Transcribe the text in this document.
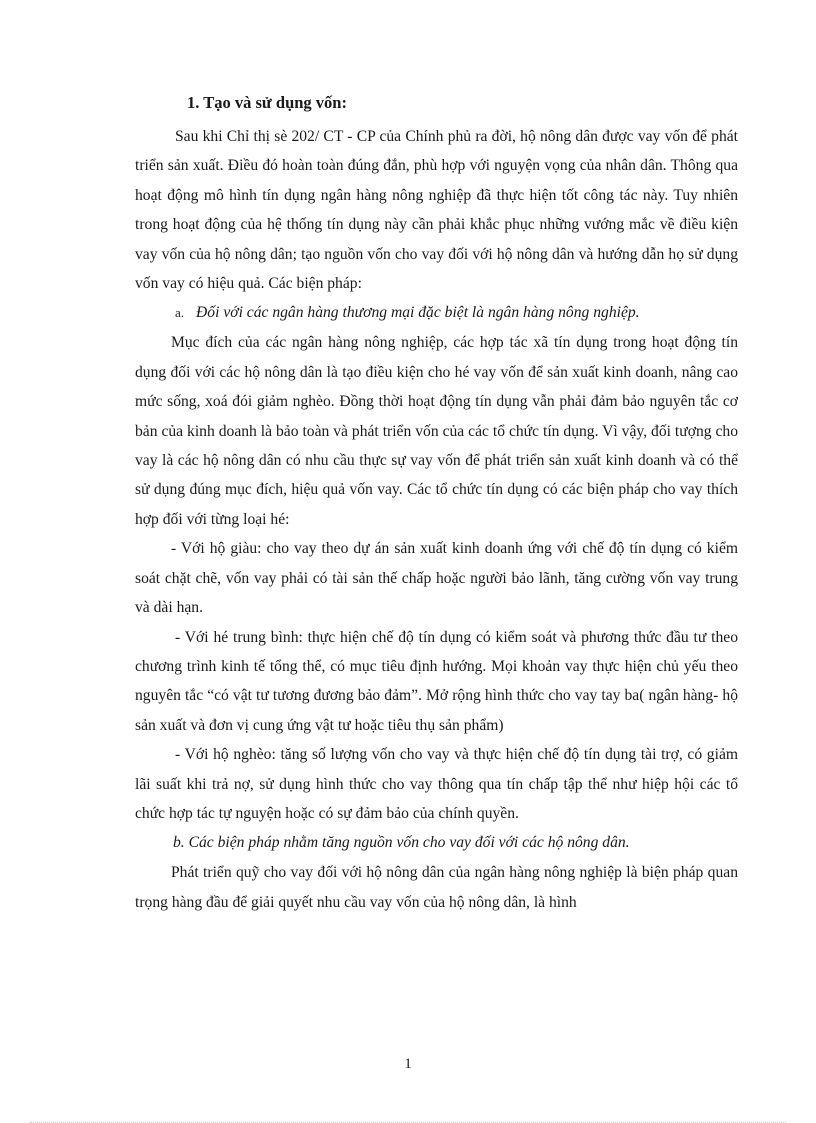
1. Tạo và sử dụng vốn:

Sau khi Chỉ thị sè 202/ CT - CP của Chính phủ ra đời, hộ nông dân được vay vốn để phát triển sản xuất. Điều đó hoàn toàn đúng đắn, phù hợp với nguyện vọng của nhân dân. Thông qua hoạt động mô hình tín dụng ngân hàng nông nghiệp đã thực hiện tốt công tác này. Tuy nhiên trong hoạt động của hệ thống tín dụng này cần phải khắc phục những vướng mắc về điều kiện vay vốn của hộ nông dân; tạo nguồn vốn cho vay đối với hộ nông dân và hướng dẫn họ sử dụng vốn vay có hiệu quả. Các biện pháp:

a. Đối với các ngân hàng thương mại đặc biệt là ngân hàng nông nghiệp.

Mục đích của các ngân hàng nông nghiệp, các hợp tác xã tín dụng trong hoạt động tín dụng đối với các hộ nông dân là tạo điều kiện cho hé vay vốn để sản xuất kinh doanh, nâng cao mức sống, xoá đói giảm nghèo. Đồng thời hoạt động tín dụng vẫn phải đảm bảo nguyên tắc cơ bản của kinh doanh là bảo toàn và phát triển vốn của các tổ chức tín dụng. Vì vậy, đối tượng cho vay là các hộ nông dân có nhu cầu thực sự vay vốn để phát triển sản xuất kinh doanh và có thể sử dụng đúng mục đích, hiệu quả vốn vay. Các tổ chức tín dụng có các biện pháp cho vay thích hợp đối với từng loại hé:

- Với hộ giàu: cho vay theo dự án sản xuất kinh doanh ứng với chế độ tín dụng có kiểm soát chặt chẽ, vốn vay phải có tài sản thế chấp hoặc người bảo lãnh, tăng cường vốn vay trung và dài hạn.

- Với hé trung bình: thực hiện chế độ tín dụng có kiểm soát và phương thức đầu tư theo chương trình kinh tế tổng thể, có mục tiêu định hướng. Mọi khoản vay thực hiện chủ yếu theo nguyên tắc “có vật tư tương đương bảo đảm”. Mở rộng hình thức cho vay tay ba( ngân hàng- hộ sản xuất và đơn vị cung ứng vật tư hoặc tiêu thụ sản phẩm)

- Với hộ nghèo: tăng số lượng vốn cho vay và thực hiện chế độ tín dụng tài trợ, có giảm lãi suất khi trả nợ, sử dụng hình thức cho vay thông qua tín chấp tập thể như hiệp hội các tổ chức hợp tác tự nguyện hoặc có sự đảm bảo của chính quyền.

b. Các biện pháp nhằm tăng nguồn vốn cho vay đối với các hộ nông dân.

Phát triển quỹ cho vay đối với hộ nông dân của ngân hàng nông nghiệp là biện pháp quan trọng hàng đầu để giải quyết nhu cầu vay vốn của hộ nông dân, là hình

1
